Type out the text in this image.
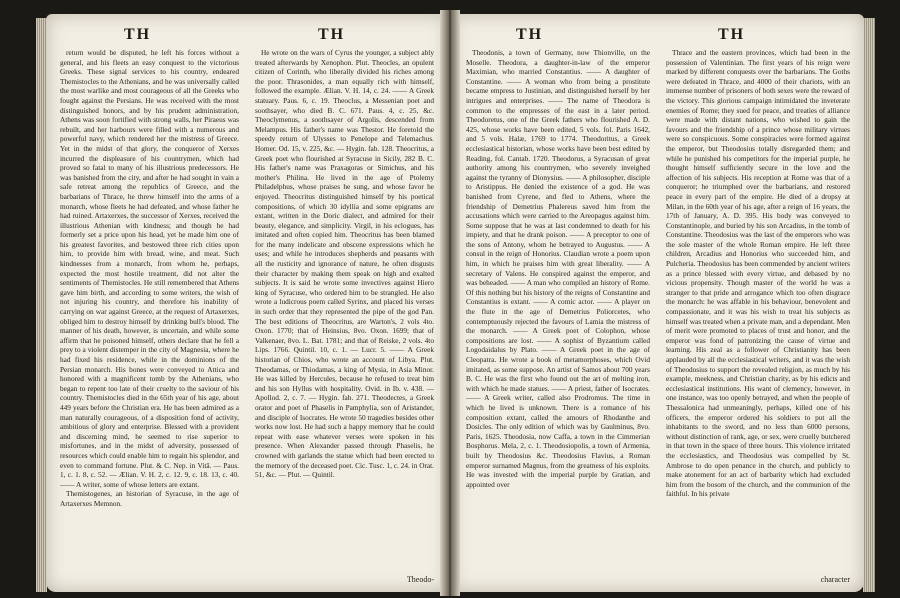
TH	TH

return would be disputed, he left his forces without a general, and his fleets an easy conquest to the victorious Greeks. These signal services to his country, endeared Themistocles to the Athenians, and he was universally called the most warlike and most courageous of all the Greeks who fought against the Persians. He was received with the most distinguished honors, and by his prudent administration, Athens was soon fortified with strong walls, her Piraeus was rebuilt, and her harbours were filled with a numerous and powerful navy, which rendered her the mistress of Greece. Yet in the midst of that glory, the conqueror of Xerxes incurred the displeasure of his countrymen, which had proved so fatal to many of his illustrious predecessors. He was banished from the city, and after he had sought in vain a safe retreat among the republics of Greece, and the barbarians of Thrace, he threw himself into the arms of a monarch, whose fleets he had defeated, and whose father he had ruined. Artaxerxes, the successor of Xerxes, received the illustrious Athenian with kindness; and though he had formerly set a price upon his head, yet he made him one of his greatest favorites, and bestowed three rich cities upon him, to provide him with bread, wine, and meat. Such kindnesses from a monarch, from whom he, perhaps, expected the most hostile treatment, did not alter the sentiments of Themistocles. He still remembered that Athens gave him birth, and according to some writers, the wish of not injuring his country, and therefore his inability of carrying on war against Greece, at the request of Artaxerxes, obliged him to destroy himself by drinking bull's blood. The manner of his death, however, is uncertain, and while some affirm that he poisoned himself, others declare that he fell a prey to a violent distemper in the city of Magnesia, where he had fixed his residence, while in the dominions of the Persian monarch. His bones were conveyed to Attica and honored with a magnificent tomb by the Athenians, who began to repent too late of their cruelty to the saviour of his country. Themistocles died in the 65th year of his age, about 449 years before the Christian era. He has been admired as a man naturally courageous, of a disposition fond of activity, ambitious of glory and enterprise. Blessed with a provident and discerning mind, he seemed to rise superior to misfortunes, and in the midst of adversity, possessed of resources which could enable him to regain his splendor, and even to command fortune. Plut. & C. Nep. in Vitâ. — Paus. 1, c. 1. 8, c. 52. — Ælian. V. H. 2, c. 12. 9, c. 18. 13, c. 40. —— A writer, some of whose letters are extant.

Themistogenes, an historian of Syracuse, in the age of Artaxerxes Memnon.

He wrote on the wars of Cyrus the younger, a subject ably treated afterwards by Xenophon. Plut. Theocles, an opulent citizen of Corinth, who liberally divided his riches among the poor. Thrasonides, a man equally rich with himself, followed the example. Ælian. V. H. 14, c. 24. —— A Greek statuary. Paus. 6, c. 19. Theoclus, a Messenian poet and soothsayer, who died B. C. 671. Paus. 4, c. 25, &c. Theoclymenus, a soothsayer of Argolis, descended from Melampus. His father's name was Thestor. He foretold the speedy return of Ulysses to Penelope and Telemachus. Homer. Od. 15, v. 225, &c. — Hygin. fab. 128. Theocritus, a Greek poet who flourished at Syracuse in Sicily, 282 B. C. His father's name was Praxagoras or Simichus, and his mother's Philina. He lived in the age of Ptolemy Philadelphus, whose praises he sung, and whose favor he enjoyed. Theocritus distinguished himself by his poetical compositions, of which 30 idyllia and some epigrams are extant, written in the Doric dialect, and admired for their beauty, elegance, and simplicity. Virgil, in his eclogues, has imitated and often copied him. Theocritus has been blamed for the many indelicate and obscene expressions which he uses; and while he introduces shepherds and peasants with all the rusticity and ignorance of nature, he often disgusts their character by making them speak on high and exalted subjects. It is said he wrote some invectives against Hiero king of Syracuse, who ordered him to be strangled. He also wrote a ludicrous poem called Syrinx, and placed his verses in such order that they represented the pipe of the god Pan. The best editions of Theocritus, are Warton's, 2 vols 4to. Oxon. 1770; that of Heinsius, 8vo. Oxon. 1699; that of Valkenaer, 8vo. L. Bat. 1781; and that of Reiske, 2 vols. 4to Lips. 1766. Quintil. 10, c. 1. — Lucr. 5. —— A Greek historian of Chios, who wrote an account of Libya. Plut. Theodamas, or Thiodamas, a king of Mysia, in Asia Minor. He was killed by Hercules, because he refused to treat him and his son Hyllus with hospitality. Ovid. in Ib. v. 438. — Apollod. 2, c. 7. — Hygin. fab. 271. Theodectes, a Greek orator and poet of Phaselis in Pamphylia, son of Aristander, and disciple of Isocrates. He wrote 50 tragedies besides other works now lost. He had such a happy memory that he could repeat with ease whatever verses were spoken in his presence. When Alexander passed through Phaselis, he crowned with garlands the statue which had been erected to the memory of the deceased poet. Cic. Tusc. 1, c. 24. in Orat. 51, &c. — Plut. — Quintil.

Theodo-
TH	TH

Theodonis, a town of Germany, now Thionville, on the Moselle. Theodora, a daughter-in-law of the emperor Maximian, who married Constantius. —— A daughter of Constantine. —— A woman who from being a prostitute became empress to Justinian, and distinguished herself by her intrigues and enterprises. —— The name of Theodora is common to the empresses of the east in a later period. Theodoretus, one of the Greek fathers who flourished A. D. 425, whose works have been edited, 5 vols. fol. Paris 1642, and 5 vols. Halæ, 1769 to 1774. Theodoritus, a Greek ecclesiastical historian, whose works have been best edited by Reading, fol. Cantab. 1720. Theodorus, a Syracusan of great authority among his countrymen, who severely inveighed against the tyranny of Dionysius. —— A philosopher, disciple to Aristippus. He denied the existence of a god. He was banished from Cyrene, and fled to Athens, where the friendship of Demetrius Phalereus saved him from the accusations which were carried to the Areopagus against him. Some suppose that he was at last condemned to death for his impiety, and that he drank poison. —— A preceptor to one of the sons of Antony, whom he betrayed to Augustus. —— A consul in the reign of Honorius. Claudian wrote a poem upon him, in which he praises him with great liberality. —— A secretary of Valens. He conspired against the emperor, and was beheaded. —— A man who compiled an history of Rome. Of this nothing but his history of the reigns of Constantine and Constantius is extant. —— A comic actor. —— A player on the flute in the age of Demetrius Poliorcetes, who contemptuously rejected the favours of Lamia the mistress of the monarch. —— A Greek poet of Colophon, whose compositions are lost. —— A sophist of Byzantium called Logodaidalus by Plato. —— A Greek poet in the age of Cleopatra. He wrote a book of metamorphoses, which Ovid imitated, as some suppose. An artist of Samos about 700 years B. C. He was the first who found out the art of melting iron, with which he made statues. —— A priest, father of Isocrates. —— A Greek writer, called also Prodromus. The time in which he lived is unknown. There is a romance of his composition extant, called the amours of Rhodanthe and Dosicles. The only edition of which was by Gaulminus, 8vo. Paris, 1625. Theodosia, now Caffa, a town in the Cimmerian Bosphorus. Mela, 2, c. 1. Theodosiopolis, a town of Armenia, built by Theodosius &c. Theodosius Flavius, a Roman emperor surnamed Magnus, from the greatness of his exploits. He was invested with the imperial purple by Gratian, and appointed over

Thrace and the eastern provinces, which had been in the possession of Valentinian. The first years of his reign were marked by different conquests over the barbarians. The Goths were defeated in Thrace, and 4000 of their chariots, with an immense number of prisoners of both sexes were the reward of the victory. This glorious campaign intimidated the inveterate enemies of Rome; they sued for peace, and treaties of alliance were made with distant nations, who wished to gain the favours and the friendship of a prince whose military virtues were so conspicuous. Some conspiracies were formed against the emperor, but Theodosius totally disregarded them; and while he punished his competitors for the imperial purple, he thought himself sufficiently secure in the love and the affection of his subjects. His reception at Rome was that of a conqueror; he triumphed over the barbarians, and restored peace in every part of the empire. He died of a dropsy at Milan, in the 60th year of his age, after a reign of 16 years, the 17th of January, A. D. 395. His body was conveyed to Constantinople, and buried by his son Arcadius, in the tomb of Constantine. Theodosius was the last of the emperors who was the sole master of the whole Roman empire. He left three children, Arcadius and Honorius who succeeded him, and Pulcheria. Theodosius has been commended by ancient writers as a prince blessed with every virtue, and debased by no vicious propensity. Though master of the world he was a stranger to that pride and arrogance which too often disgrace the monarch: he was affable in his behaviour, benevolent and compassionate, and it was his wish to treat his subjects as himself was treated when a private man, and a dependant. Men of merit were promoted to places of trust and honor, and the emperor was fond of patronizing the cause of virtue and learning. His zeal as a follower of Christianity has been applauded by all the ecclesiastical writers, and it was the wish of Theodosius to support the revealed religion, as much by his example, meekness, and Christian charity, as by his edicts and ecclesiastical institutions. His want of clemency, however, in one instance, was too openly betrayed, and when the people of Thessalonica had unmeaningly, perhaps, killed one of his officers, the emperor ordered his soldiers to put all the inhabitants to the sword, and no less than 6000 persons, without distinction of rank, age, or sex, were cruelly butchered in that town in the space of three hours. This violence irritated the ecclesiastics, and Theodosius was compelled by St. Ambrose to do open penance in the church, and publicly to make atonement for an act of barbarity which had excluded him from the bosom of the church, and the communion of the faithful. In his private

character
